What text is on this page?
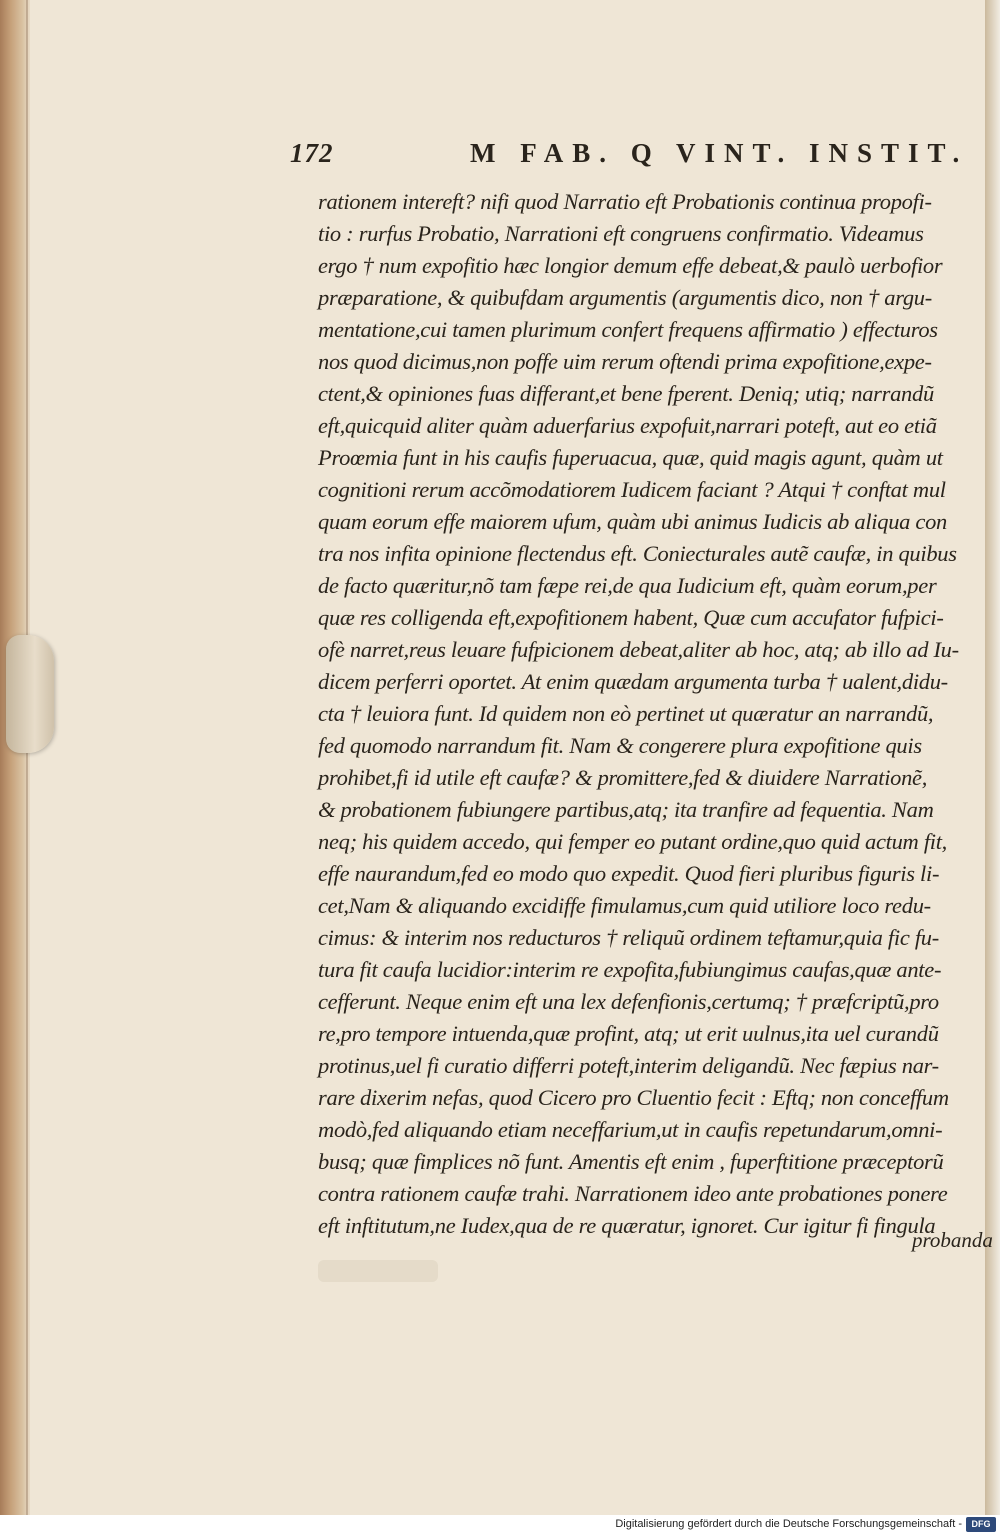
172	M FAB. Q VINT. INSTIT.
rationem intereft? nifi quod Narratio eft Probationis continua propofi-
tio : rurfus Probatio, Narrationi eft congruens confirmatio. Videamus
ergo † num expofitio hæc longior demum effe debeat,& paulò uerbofior
præparatione, & quibufdam argumentis (argumentis dico, non † argu-
mentatione,cui tamen plurimum confert frequens affirmatio ) effecturos
nos quod dicimus,non poffe uim rerum oftendi prima expofitione,expe-
ctent,& opiniones fuas differant,et bene fperent. Deniq; utiq; narrandũ
eft,quicquid aliter quàm aduerfarius expofuit,narrari poteft, aut eo etiã
Proœmia funt in his caufis fuperuacua, quæ, quid magis agunt, quàm ut
cognitioni rerum accõmodatiorem Iudicem faciant ? Atqui † conftat mul
quam eorum effe maiorem ufum, quàm ubi animus Iudicis ab aliqua con
tra nos infita opinione flectendus eft. Coniecturales autẽ caufæ, in quibus
de facto quæritur,nõ tam fæpe rei,de qua Iudicium eft, quàm eorum,per
quæ res colligenda eft,expofitionem habent, Quæ cum accufator fufpici-
ofè narret,reus leuare fufpicionem debeat,aliter ab hoc, atq; ab illo ad Iu-
dicem perferri oportet. At enim quædam argumenta turba † ualent,didu-
cta † leuiora funt. Id quidem non eò pertinet ut quæratur an narrandũ,
fed quomodo narrandum fit. Nam & congerere plura expofitione quis
prohibet,fi id utile eft caufæ? & promittere,fed & diuidere Narrationẽ,
& probationem fubiungere partibus,atq; ita tranfire ad fequentia. Nam
neq; his quidem accedo, qui femper eo putant ordine,quo quid actum fit,
effe naurandum,fed eo modo quo expedit. Quod fieri pluribus figuris li-
cet,Nam & aliquando excidiffe fimulamus,cum quid utiliore loco redu-
cimus: & interim nos reducturos † reliquũ ordinem teftamur,quia fic fu-
tura fit caufa lucidior:interim re expofita,fubiungimus caufas,quæ ante-
cefferunt. Neque enim eft una lex defenfionis,certumq; † præfcriptũ,pro
re,pro tempore intuenda,quæ profint, atq; ut erit uulnus,ita uel curandũ
protinus,uel fi curatio differri poteft,interim deligandũ. Nec fæpius nar-
rare dixerim nefas, quod Cicero pro Cluentio fecit : Eftq; non conceffum
modò,fed aliquando etiam neceffarium,ut in caufis repetundarum,omni-
busq; quæ fimplices nõ funt. Amentis eft enim , fuperftitione præceptorũ
contra rationem caufæ trahi. Narrationem ideo ante probationes ponere
eft inftitutum,ne Iudex,qua de re quæratur, ignoret. Cur igitur fi fingula
probanda
Digitalisierung gefördert durch die Deutsche Forschungsgemeinschaft -	DFG
